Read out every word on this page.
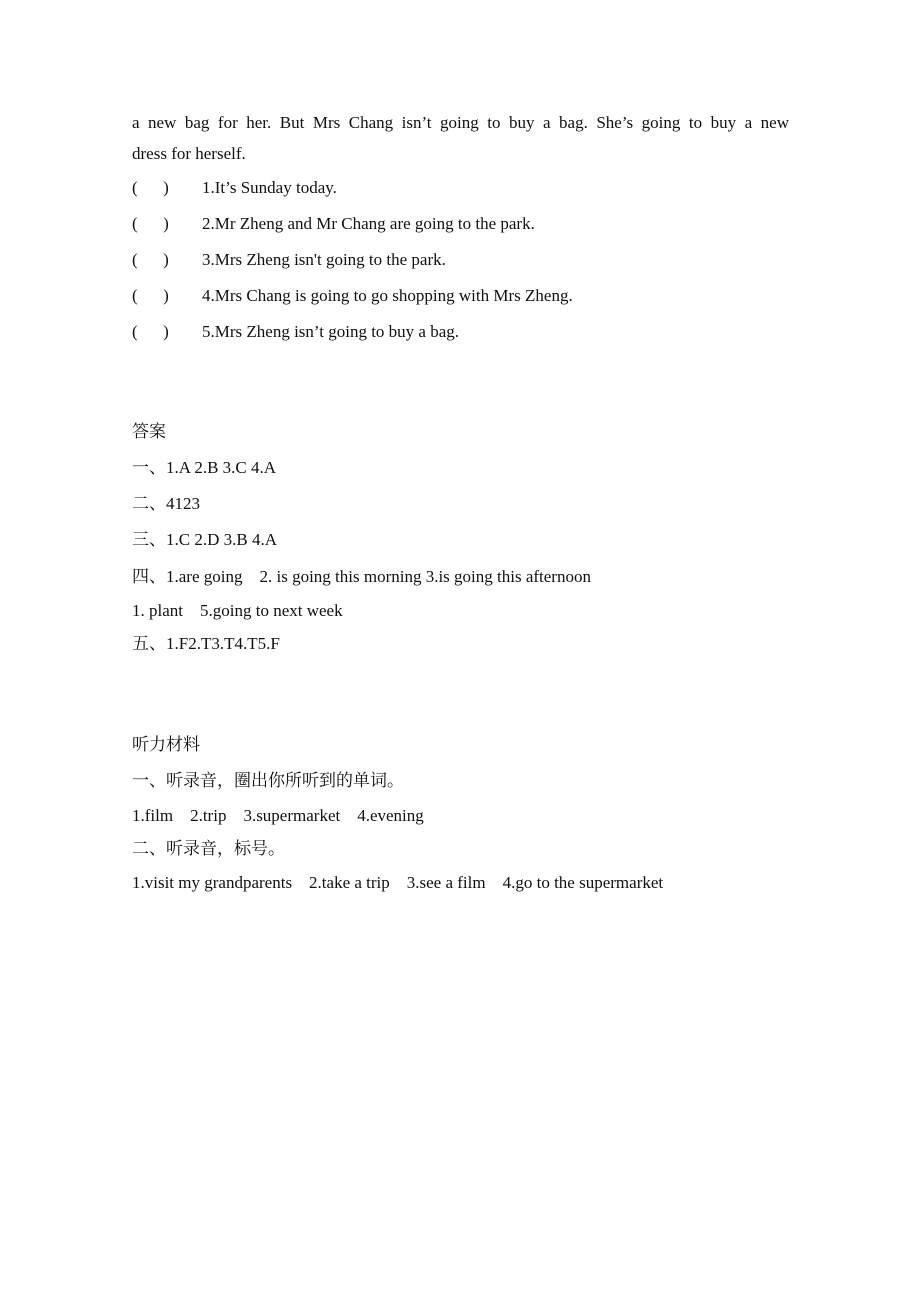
a new bag for her. But Mrs Chang isn’t going to buy a bag. She’s going to buy a new
dress for herself.
(      ) 1.It’s Sunday today.
(      ) 2.Mr Zheng and Mr Chang are going to the park.
(      ) 3.Mrs Zheng isn't going to the park.
(      ) 4.Mrs Chang is going to go shopping with Mrs Zheng.
(      ) 5.Mrs Zheng isn’t going to buy a bag.
答案
一、1.A 2.B 3.C 4.A
二、4123
三、1.C 2.D 3.B 4.A
四、1.are going    2. is going this morning 3.is going this afternoon
1. plant    5.going to next week
五、1.F2.T3.T4.T5.F
听力材料
一、听录音，圈出你所听到的单词。
1.film    2.trip    3.supermarket    4.evening
二、听录音，标号。
1.visit my grandparents    2.take a trip    3.see a film    4.go to the supermarket
